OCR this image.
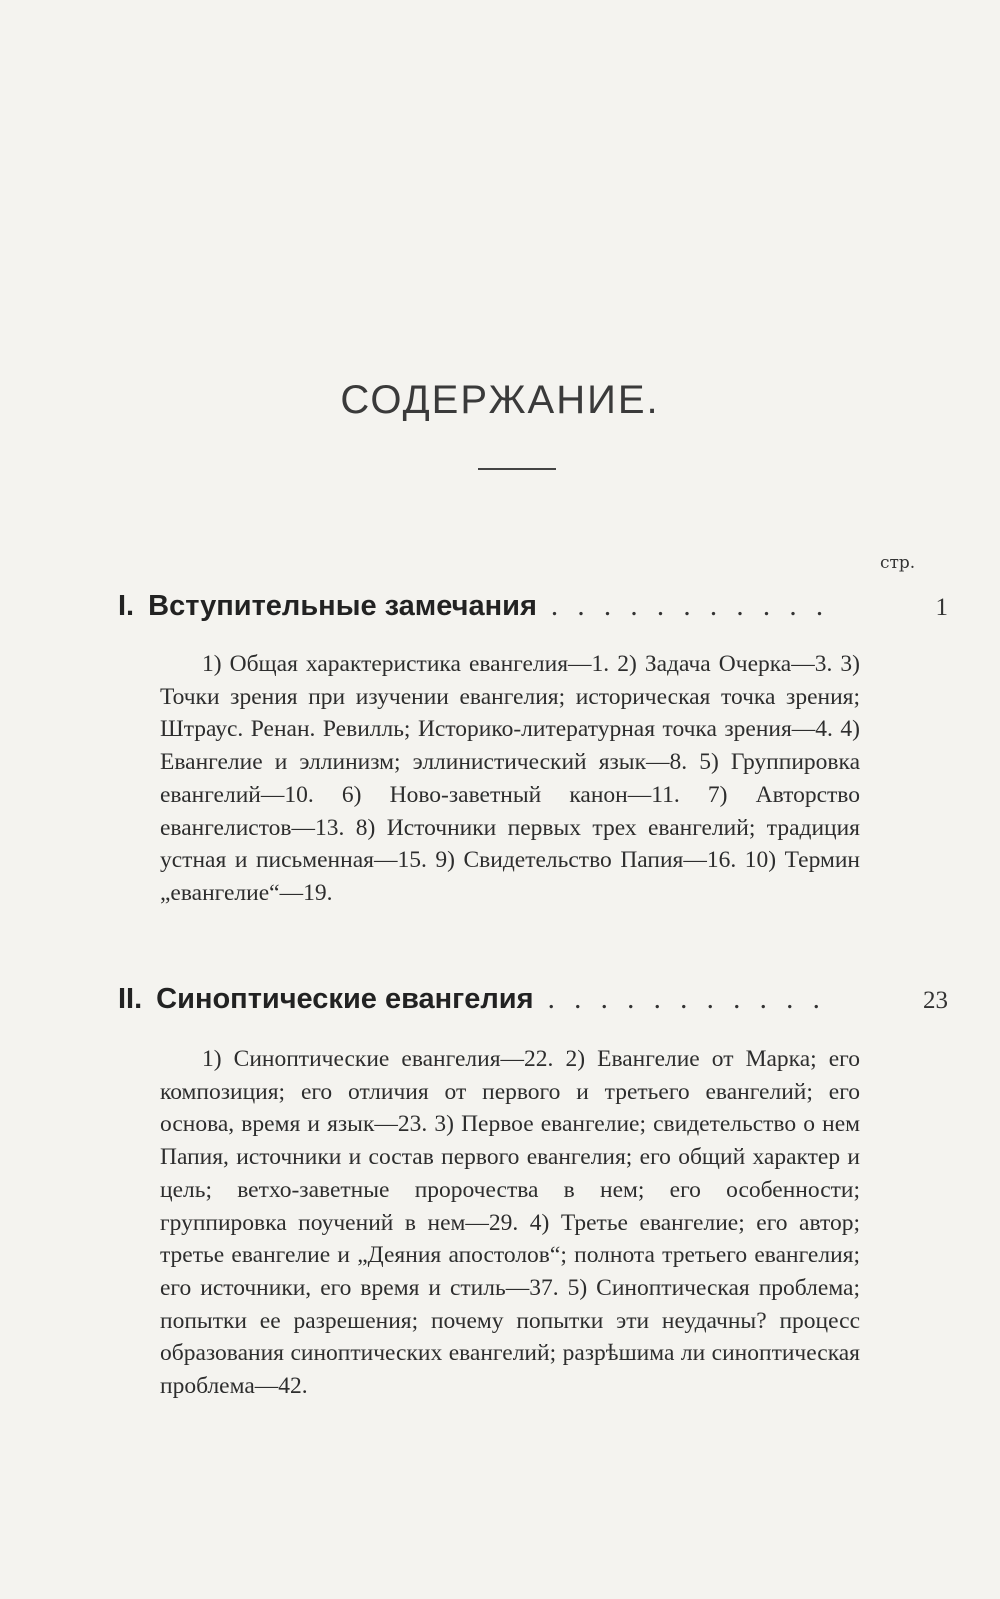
СОДЕРЖАНИЕ.
стр.
I. Вступительные замечания . . . . . . . . . . .	1
1) Общая характеристика евангелия—1. 2) Задача Очерка—3. 3) Точки зрения при изучении евангелия; историческая точка зрения; Штраус. Ренан. Ревилль; Историко-литературная точка зрения—4. 4) Евангелие и эллинизм; эллинистический язык—8. 5) Группировка евангелий—10. 6) Ново-заветный канон—11. 7) Авторство евангелистов—13. 8) Источники первых трех евангелий; традиция устная и письменная—15. 9) Свидетельство Папия—16. 10) Термин „евангелие“—19.
II. Синоптические евангелия . . . . . . . . . . .	23
1) Синоптические евангелия—22. 2) Евангелие от Марка; его композиция; его отличия от первого и третьего евангелий; его основа, время и язык—23. 3) Первое евангелие; свидетельство о нем Папия, источники и состав первого евангелия; его общий характер и цель; ветхо-заветные пророчества в нем; его особенности; группировка поучений в нем—29. 4) Третье евангелие; его автор; третье евангелие и „Деяния апостолов“; полнота третьего евангелия; его источники, его время и стиль—37. 5) Синоптическая проблема; попытки ее разрешения; почему попытки эти неудачны? процесс образования синоптических евангелий; разрѣшима ли синоптическая проблема—42.
